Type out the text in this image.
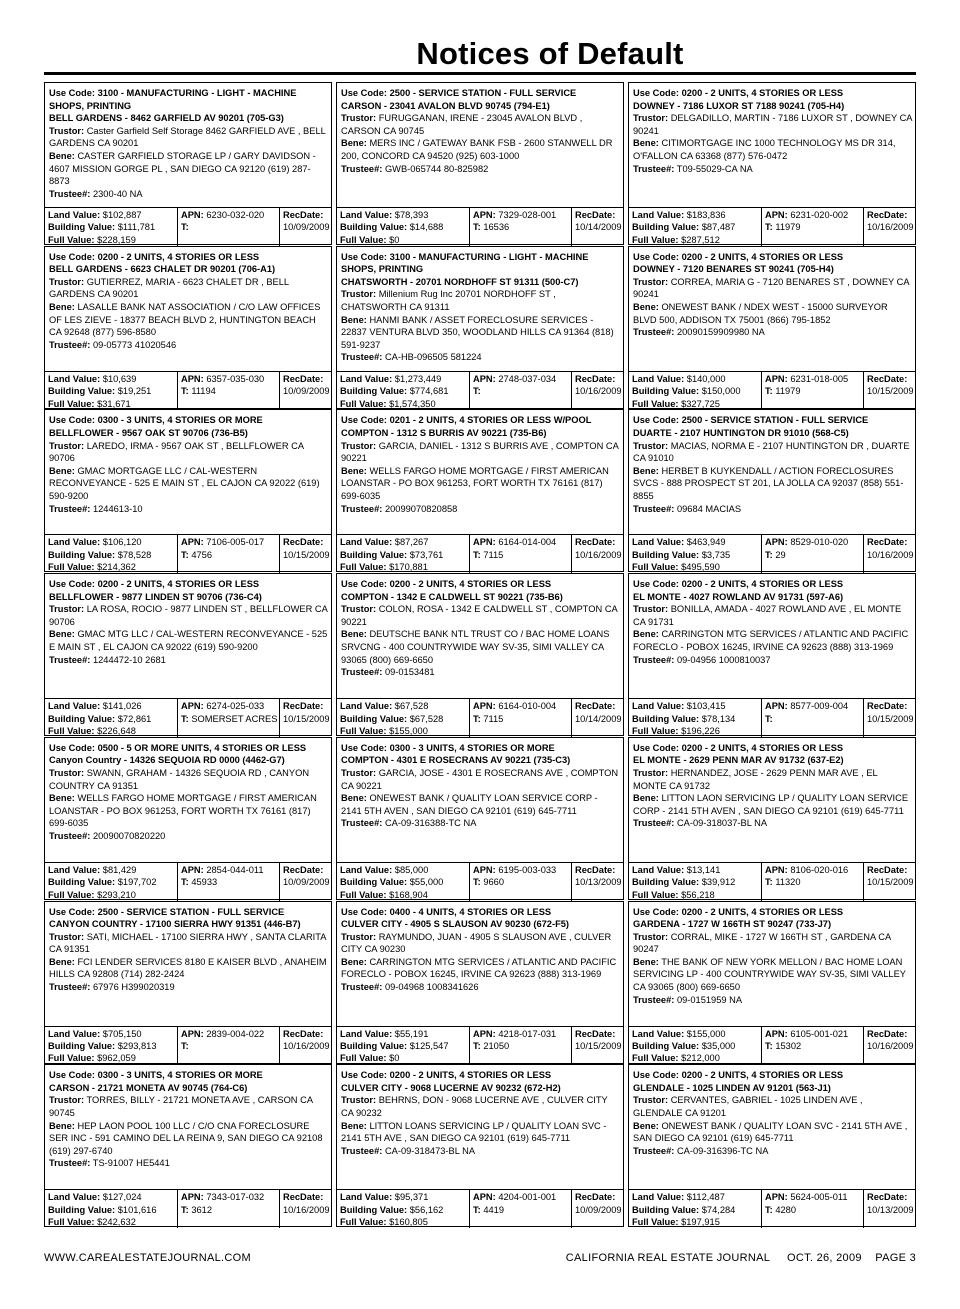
Notices of Default
Use Code: 3100 - MANUFACTURING - LIGHT - MACHINE SHOPS, PRINTING
BELL GARDENS - 8462 GARFIELD AV 90201 (705-G3)
Trustor: Caster Garfield Self Storage 8462 GARFIELD AVE , BELL GARDENS CA 90201
Bene: CASTER GARFIELD STORAGE LP / GARY DAVIDSON - 4607 MISSION GORGE PL , SAN DIEGO CA 92120 (619) 287-8873
Trustee#: 2300-40 NA
Land Value: $102,887
Building Value: $111,781
Full Value: $228,159
APN: 6230-032-020
T:
RecDate:
10/09/2009
Use Code: 0200 - 2 UNITS, 4 STORIES OR LESS
BELL GARDENS - 6623 CHALET DR 90201 (706-A1)
Trustor: GUTIERREZ, MARIA - 6623 CHALET DR , BELL GARDENS CA 90201
Bene: LASALLE BANK NAT ASSOCIATION / C/O LAW OFFICES OF LES ZIEVE - 18377 BEACH BLVD 2, HUNTINGTON BEACH CA 92648 (877) 596-8580
Trustee#: 09-05773 41020546
Land Value: $10,639
Building Value: $19,251
Full Value: $31,671
APN: 6357-035-030
T: 11194
RecDate:
10/09/2009
Use Code: 0300 - 3 UNITS, 4 STORIES OR MORE
BELLFLOWER - 9567 OAK ST 90706 (736-B5)
Trustor: LAREDO, IRMA - 9567 OAK ST , BELLFLOWER CA 90706
Bene: GMAC MORTGAGE LLC / CAL-WESTERN RECONVEYANCE - 525 E MAIN ST , EL CAJON CA 92022 (619) 590-9200
Trustee#: 1244613-10
Land Value: $106,120
Building Value: $78,528
Full Value: $214,362
APN: 7106-005-017
T: 4756
RecDate:
10/15/2009
Use Code: 0200 - 2 UNITS, 4 STORIES OR LESS
BELLFLOWER - 9877 LINDEN ST 90706 (736-C4)
Trustor: LA ROSA, ROCIO - 9877 LINDEN ST , BELLFLOWER CA 90706
Bene: GMAC MTG LLC / CAL-WESTERN RECONVEYANCE - 525 E MAIN ST , EL CAJON CA 92022 (619) 590-9200
Trustee#: 1244472-10 2681
Land Value: $141,026
Building Value: $72,861
Full Value: $226,648
APN: 6274-025-033
T: SOMERSET ACRES
RecDate:
10/15/2009
Use Code: 0500 - 5 OR MORE UNITS, 4 STORIES OR LESS
Canyon Country - 14326 SEQUOIA RD 0000 (4462-G7)
Trustor: SWANN, GRAHAM - 14326 SEQUOIA RD , CANYON COUNTRY CA 91351
Bene: WELLS FARGO HOME MORTGAGE / FIRST AMERICAN LOANSTAR - PO BOX 961253, FORT WORTH TX 76161 (817) 699-6035
Trustee#: 20090070820220
Land Value: $81,429
Building Value: $197,702
Full Value: $293,210
APN: 2854-044-011
T: 45933
RecDate:
10/09/2009
Use Code: 2500 - SERVICE STATION - FULL SERVICE
CANYON COUNTRY - 17100 SIERRA HWY 91351 (446-B7)
Trustor: SATI, MICHAEL - 17100 SIERRA HWY , SANTA CLARITA CA 91351
Bene: FCI LENDER SERVICES 8180 E KAISER BLVD , ANAHEIM HILLS CA 92808 (714) 282-2424
Trustee#: 67976 H399020319
Land Value: $705,150
Building Value: $293,813
Full Value: $962,059
APN: 2839-004-022
T:
RecDate:
10/16/2009
Use Code: 0300 - 3 UNITS, 4 STORIES OR MORE
CARSON - 21721 MONETA AV 90745 (764-C6)
Trustor: TORRES, BILLY - 21721 MONETA AVE , CARSON CA 90745
Bene: HEP LAON POOL 100 LLC / C/O CNA FORECLOSURE SER INC - 591 CAMINO DEL LA REINA 9, SAN DIEGO CA 92108 (619) 297-6740
Trustee#: TS-91007 HE5441
Land Value: $127,024
Building Value: $101,616
Full Value: $242,632
APN: 7343-017-032
T: 3612
RecDate:
10/16/2009
Use Code: 2500 - SERVICE STATION - FULL SERVICE
CARSON - 23041 AVALON BLVD 90745 (794-E1)
Trustor: FURUGGANAN, IRENE - 23045 AVALON BLVD , CARSON CA 90745
Bene: MERS INC / GATEWAY BANK FSB - 2600 STANWELL DR 200, CONCORD CA 94520 (925) 603-1000
Trustee#: GWB-065744 80-825982
Land Value: $78,393
Building Value: $14,688
Full Value: $0
APN: 7329-028-001
T: 16536
RecDate:
10/14/2009
Use Code: 3100 - MANUFACTURING - LIGHT - MACHINE SHOPS, PRINTING
CHATSWORTH - 20701 NORDHOFF ST 91311 (500-C7)
Trustor: Millenium Rug Inc 20701 NORDHOFF ST , CHATSWORTH CA 91311
Bene: HANMI BANK / ASSET FORECLOSURE SERVICES - 22837 VENTURA BLVD 350, WOODLAND HILLS CA 91364 (818) 591-9237
Trustee#: CA-HB-096505 581224
Land Value: $1,273,449
Building Value: $774,681
Full Value: $1,574,350
APN: 2748-037-034
T:
RecDate:
10/16/2009
Use Code: 0201 - 2 UNITS, 4 STORIES OR LESS W/POOL
COMPTON - 1312 S BURRIS AV 90221 (735-B6)
Trustor: GARCIA, DANIEL - 1312 S BURRIS AVE , COMPTON CA 90221
Bene: WELLS FARGO HOME MORTGAGE / FIRST AMERICAN LOANSTAR - PO BOX 961253, FORT WORTH TX 76161 (817) 699-6035
Trustee#: 20099070820858
Land Value: $87,267
Building Value: $73,761
Full Value: $170,881
APN: 6164-014-004
T: 7115
RecDate:
10/16/2009
Use Code: 0200 - 2 UNITS, 4 STORIES OR LESS
COMPTON - 1342 E CALDWELL ST 90221 (735-B6)
Trustor: COLON, ROSA - 1342 E CALDWELL ST , COMPTON CA 90221
Bene: DEUTSCHE BANK NTL TRUST CO / BAC HOME LOANS SRVCNG - 400 COUNTRYWIDE WAY SV-35, SIMI VALLEY CA 93065 (800) 669-6650
Trustee#: 09-0153481
Land Value: $67,528
Building Value: $67,528
Full Value: $155,000
APN: 6164-010-004
T: 7115
RecDate:
10/14/2009
Use Code: 0300 - 3 UNITS, 4 STORIES OR MORE
COMPTON - 4301 E ROSECRANS AV 90221 (735-C3)
Trustor: GARCIA, JOSE - 4301 E ROSECRANS AVE , COMPTON CA 90221
Bene: ONEWEST BANK / QUALITY LOAN SERVICE CORP - 2141 5TH AVEN , SAN DIEGO CA 92101 (619) 645-7711
Trustee#: CA-09-316388-TC NA
Land Value: $85,000
Building Value: $55,000
Full Value: $168,904
APN: 6195-003-033
T: 9660
RecDate:
10/13/2009
Use Code: 0400 - 4 UNITS, 4 STORIES OR LESS
CULVER CITY - 4905 S SLAUSON AV 90230 (672-F5)
Trustor: RAYMUNDO, JUAN - 4905 S SLAUSON AVE , CULVER CITY CA 90230
Bene: CARRINGTON MTG SERVICES / ATLANTIC AND PACIFIC FORECLO - POBOX 16245, IRVINE CA 92623 (888) 313-1969
Trustee#: 09-04968 1008341626
Land Value: $55,191
Building Value: $125,547
Full Value: $0
APN: 4218-017-031
T: 21050
RecDate:
10/15/2009
Use Code: 0200 - 2 UNITS, 4 STORIES OR LESS
CULVER CITY - 9068 LUCERNE AV 90232 (672-H2)
Trustor: BEHRNS, DON - 9068 LUCERNE AVE , CULVER CITY CA 90232
Bene: LITTON LOANS SERVICING LP / QUALITY LOAN SVC - 2141 5TH AVE , SAN DIEGO CA 92101 (619) 645-7711
Trustee#: CA-09-318473-BL NA
Land Value: $95,371
Building Value: $56,162
Full Value: $160,805
APN: 4204-001-001
T: 4419
RecDate:
10/09/2009
Use Code: 0200 - 2 UNITS, 4 STORIES OR LESS
DOWNEY - 7186 LUXOR ST 7188 90241 (705-H4)
Trustor: DELGADILLO, MARTIN - 7186 LUXOR ST , DOWNEY CA 90241
Bene: CITIMORTGAGE INC 1000 TECHNOLOGY MS DR 314, O'FALLON CA 63368 (877) 576-0472
Trustee#: T09-55029-CA NA
Land Value: $183,836
Building Value: $87,487
Full Value: $287,512
APN: 6231-020-002
T: 11979
RecDate:
10/16/2009
Use Code: 0200 - 2 UNITS, 4 STORIES OR LESS
DOWNEY - 7120 BENARES ST 90241 (705-H4)
Trustor: CORREA, MARIA G - 7120 BENARES ST , DOWNEY CA 90241
Bene: ONEWEST BANK / NDEX WEST - 15000 SURVEYOR BLVD 500, ADDISON TX 75001 (866) 795-1852
Trustee#: 20090159909980 NA
Land Value: $140,000
Building Value: $150,000
Full Value: $327,725
APN: 6231-018-005
T: 11979
RecDate:
10/15/2009
Use Code: 2500 - SERVICE STATION - FULL SERVICE
DUARTE - 2107 HUNTINGTON DR 91010 (568-C5)
Trustor: MACIAS, NORMA E - 2107 HUNTINGTON DR , DUARTE CA 91010
Bene: HERBET B KUYKENDALL / ACTION FORECLOSURES SVCS - 888 PROSPECT ST 201, LA JOLLA CA 92037 (858) 551-8855
Trustee#: 09684 MACIAS
Land Value: $463,949
Building Value: $3,735
Full Value: $495,590
APN: 8529-010-020
T: 29
RecDate:
10/16/2009
Use Code: 0200 - 2 UNITS, 4 STORIES OR LESS
EL MONTE - 4027 ROWLAND AV 91731 (597-A6)
Trustor: BONILLA, AMADA - 4027 ROWLAND AVE , EL MONTE CA 91731
Bene: CARRINGTON MTG SERVICES / ATLANTIC AND PACIFIC FORECLO - POBOX 16245, IRVINE CA 92623 (888) 313-1969
Trustee#: 09-04956 1000810037
Land Value: $103,415
Building Value: $78,134
Full Value: $196,226
APN: 8577-009-004
T:
RecDate:
10/15/2009
Use Code: 0200 - 2 UNITS, 4 STORIES OR LESS
EL MONTE - 2629 PENN MAR AV 91732 (637-E2)
Trustor: HERNANDEZ, JOSE - 2629 PENN MAR AVE , EL MONTE CA 91732
Bene: LITTON LAON SERVICING LP / QUALITY LOAN SERVICE CORP - 2141 5TH AVEN , SAN DIEGO CA 92101 (619) 645-7711
Trustee#: CA-09-318037-BL NA
Land Value: $13,141
Building Value: $39,912
Full Value: $56,218
APN: 8106-020-016
T: 11320
RecDate:
10/15/2009
Use Code: 0200 - 2 UNITS, 4 STORIES OR LESS
GARDENA - 1727 W 166TH ST 90247 (733-J7)
Trustor: CORRAL, MIKE - 1727 W 166TH ST , GARDENA CA 90247
Bene: THE BANK OF NEW YORK MELLON / BAC HOME LOAN SERVICING LP - 400 COUNTRYWIDE WAY SV-35, SIMI VALLEY CA 93065 (800) 669-6650
Trustee#: 09-0151959 NA
Land Value: $155,000
Building Value: $35,000
Full Value: $212,000
APN: 6105-001-021
T: 15302
RecDate:
10/16/2009
Use Code: 0200 - 2 UNITS, 4 STORIES OR LESS
GLENDALE - 1025 LINDEN AV 91201 (563-J1)
Trustor: CERVANTES, GABRIEL - 1025 LINDEN AVE , GLENDALE CA 91201
Bene: ONEWEST BANK / QUALITY LOAN SVC - 2141 5TH AVE , SAN DIEGO CA 92101 (619) 645-7711
Trustee#: CA-09-316396-TC NA
Land Value: $112,487
Building Value: $74,284
Full Value: $197,915
APN: 5624-005-011
T: 4280
RecDate:
10/13/2009
WWW.CAREALESTATEJOURNAL.COM	CALIFORNIA REAL ESTATE JOURNAL OCT. 26, 2009 PAGE 3
